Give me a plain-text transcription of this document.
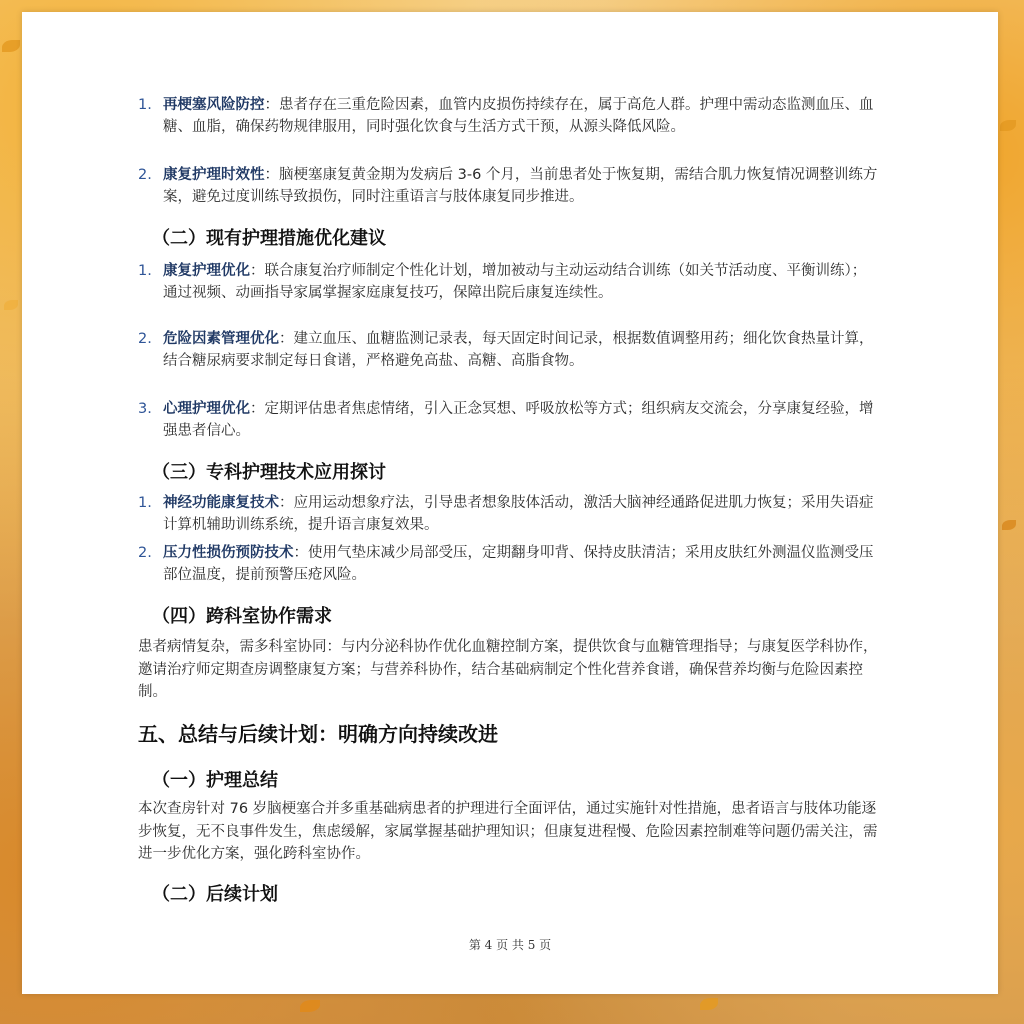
1. 再梗塞风险防控：患者存在三重危险因素，血管内皮损伤持续存在，属于高危人群。护理中需动态监测血压、血糖、血脂，确保药物规律服用，同时强化饮食与生活方式干预，从源头降低风险。
2. 康复护理时效性：脑梗塞康复黄金期为发病后 3-6 个月，当前患者处于恢复期，需结合肌力恢复情况调整训练方案，避免过度训练导致损伤，同时注重语言与肢体康复同步推进。
（二）现有护理措施优化建议
1. 康复护理优化：联合康复治疗师制定个性化计划，增加被动与主动运动结合训练（如关节活动度、平衡训练）；通过视频、动画指导家属掌握家庭康复技巧，保障出院后康复连续性。
2. 危险因素管理优化：建立血压、血糖监测记录表，每天固定时间记录，根据数值调整用药；细化饮食热量计算，结合糖尿病要求制定每日食谱，严格避免高盐、高糖、高脂食物。
3. 心理护理优化：定期评估患者焦虑情绪，引入正念冥想、呼吸放松等方式；组织病友交流会，分享康复经验，增强患者信心。
（三）专科护理技术应用探讨
1. 神经功能康复技术：应用运动想象疗法，引导患者想象肢体活动，激活大脑神经通路促进肌力恢复；采用失语症计算机辅助训练系统，提升语言康复效果。
2. 压力性损伤预防技术：使用气垫床减少局部受压，定期翻身叩背、保持皮肤清洁；采用皮肤红外测温仪监测受压部位温度，提前预警压疮风险。
（四）跨科室协作需求
患者病情复杂，需多科室协同：与内分泌科协作优化血糖控制方案，提供饮食与血糖管理指导；与康复医学科协作，邀请治疗师定期查房调整康复方案；与营养科协作，结合基础病制定个性化营养食谱，确保营养均衡与危险因素控制。
五、总结与后续计划：明确方向持续改进
（一）护理总结
本次查房针对 76 岁脑梗塞合并多重基础病患者的护理进行全面评估，通过实施针对性措施，患者语言与肢体功能逐步恢复，无不良事件发生，焦虑缓解，家属掌握基础护理知识；但康复进程慢、危险因素控制难等问题仍需关注，需进一步优化方案，强化跨科室协作。
（二）后续计划
第 4 页 共 5 页
